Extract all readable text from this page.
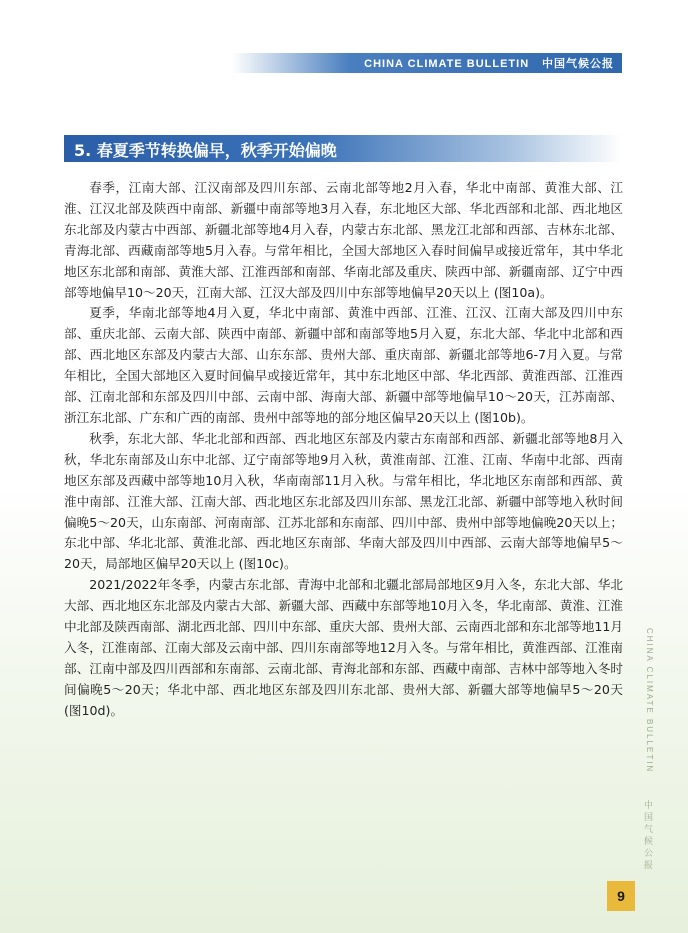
CHINA CLIMATE BULLETIN 中国气候公报
5. 春夏季节转换偏早，秋季开始偏晚

春季，江南大部、江汉南部及四川东部、云南北部等地2月入春，华北中南部、黄淮大部、江淮、江汉北部及陕西中南部、新疆中南部等地3月入春，东北地区大部、华北西部和北部、西北地区东北部及内蒙古中西部、新疆北部等地4月入春，内蒙古东北部、黑龙江北部和西部、吉林东北部、青海北部、西藏南部等地5月入春。与常年相比，全国大部地区入春时间偏早或接近常年，其中华北地区东北部和南部、黄淮大部、江淮西部和南部、华南北部及重庆、陕西中部、新疆南部、辽宁中西部等地偏早10～20天，江南大部、江汉大部及四川中东部等地偏早20天以上 (图10a)。

夏季，华南北部等地4月入夏，华北中南部、黄淮中西部、江淮、江汉、江南大部及四川中东部、重庆北部、云南大部、陕西中南部、新疆中部和南部等地5月入夏，东北大部、华北中北部和西部、西北地区东部及内蒙古大部、山东东部、贵州大部、重庆南部、新疆北部等地6-7月入夏。与常年相比，全国大部地区入夏时间偏早或接近常年，其中东北地区中部、华北西部、黄淮西部、江淮西部、江南北部和东部及四川中部、云南中部、海南大部、新疆中部等地偏早10～20天，江苏南部、浙江东北部、广东和广西的南部、贵州中部等地的部分地区偏早20天以上 (图10b)。

秋季，东北大部、华北北部和西部、西北地区东部及内蒙古东南部和西部、新疆北部等地8月入秋，华北东南部及山东中北部、辽宁南部等地9月入秋，黄淮南部、江淮、江南、华南中北部、西南地区东部及西藏中部等地10月入秋，华南南部11月入秋。与常年相比，华北地区东南部和西部、黄淮中南部、江淮大部、江南大部、西北地区东北部及四川东部、黑龙江北部、新疆中部等地入秋时间偏晚5～20天，山东南部、河南南部、江苏北部和东南部、四川中部、贵州中部等地偏晚20天以上；东北中部、华北北部、黄淮北部、西北地区东南部、华南大部及四川中西部、云南大部等地偏早5～20天，局部地区偏早20天以上 (图10c)。

2021/2022年冬季，内蒙古东北部、青海中北部和北疆北部局部地区9月入冬，东北大部、华北大部、西北地区东北部及内蒙古大部、新疆大部、西藏中东部等地10月入冬，华北南部、黄淮、江淮中北部及陕西南部、湖北西北部、四川中东部、重庆大部、贵州大部、云南西北部和东北部等地11月入冬，江淮南部、江南大部及云南中部、四川东南部等地12月入冬。与常年相比，黄淮西部、江淮南部、江南中部及四川西部和东南部、云南北部、青海北部和东部、西藏中南部、吉林中部等地入冬时间偏晚5～20天；华北中部、西北地区东部及四川东北部、贵州大部、新疆大部等地偏早5～20天 (图10d)。	CHINA CLIMATE BULLETIN
中国气候公报
9
